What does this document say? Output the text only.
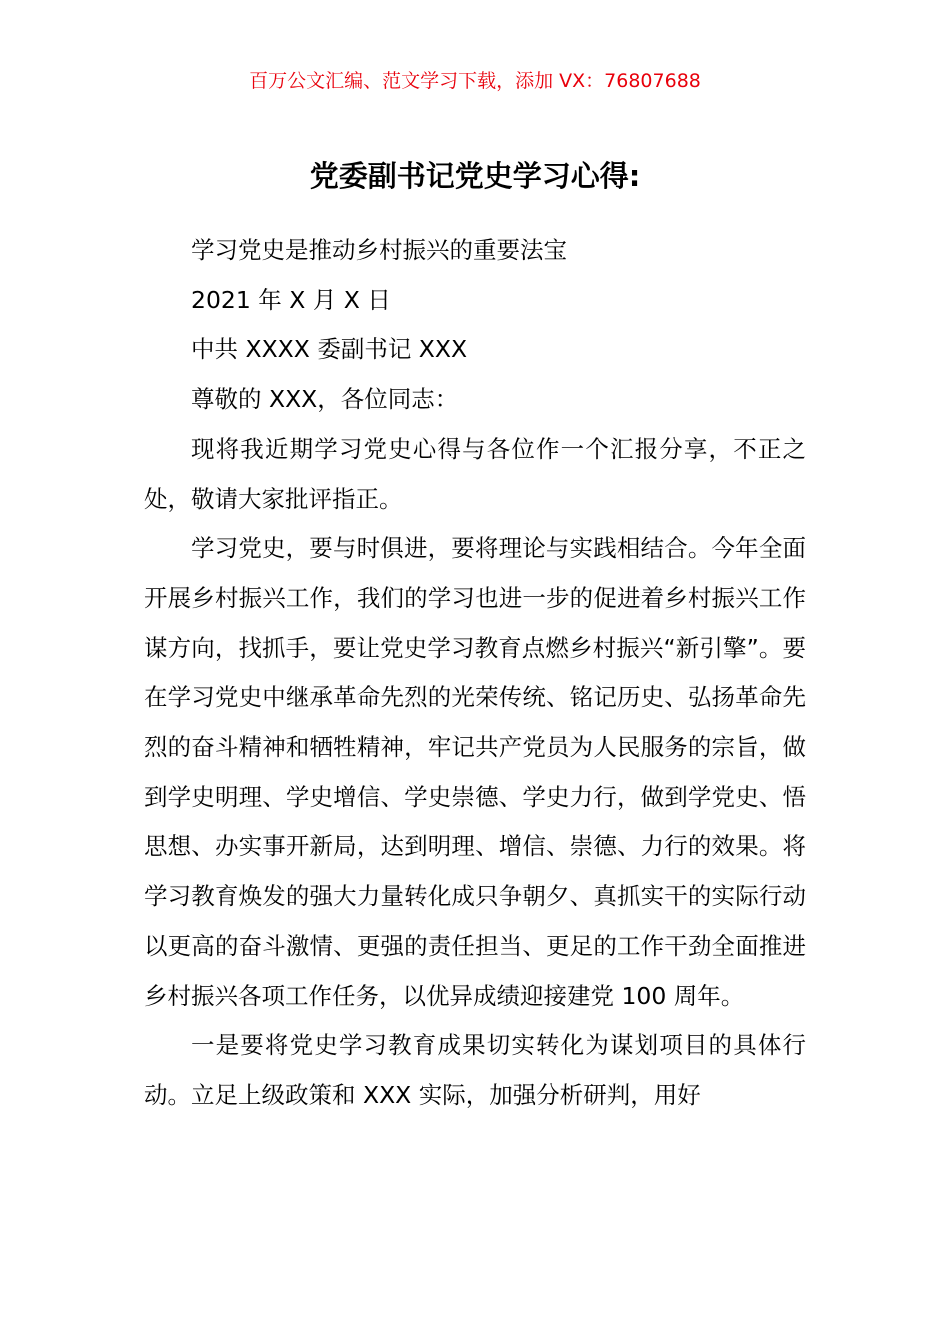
百万公文汇编、范文学习下载，添加 VX：76807688
党委副书记党史学习心得:

学习党史是推动乡村振兴的重要法宝

2021 年 X 月 X 日

中共 XXXX 委副书记 XXX

尊敬的 XXX，各位同志：

现将我近期学习党史心得与各位作一个汇报分享，不正之处，敬请大家批评指正。

学习党史，要与时俱进，要将理论与实践相结合。今年全面开展乡村振兴工作，我们的学习也进一步的促进着乡村振兴工作谋方向，找抓手，要让党史学习教育点燃乡村振兴“新引擎”。要在学习党史中继承革命先烈的光荣传统、铭记历史、弘扬革命先烈的奋斗精神和牺牲精神，牢记共产党员为人民服务的宗旨，做到学史明理、学史增信、学史崇德、学史力行，做到学党史、悟思想、办实事开新局，达到明理、增信、崇德、力行的效果。将学习教育焕发的强大力量转化成只争朝夕、真抓实干的实际行动以更高的奋斗激情、更强的责任担当、更足的工作干劲全面推进乡村振兴各项工作任务，以优异成绩迎接建党 100 周年。

一是要将党史学习教育成果切实转化为谋划项目的具体行动。立足上级政策和 XXX 实际，加强分析研判，用好
